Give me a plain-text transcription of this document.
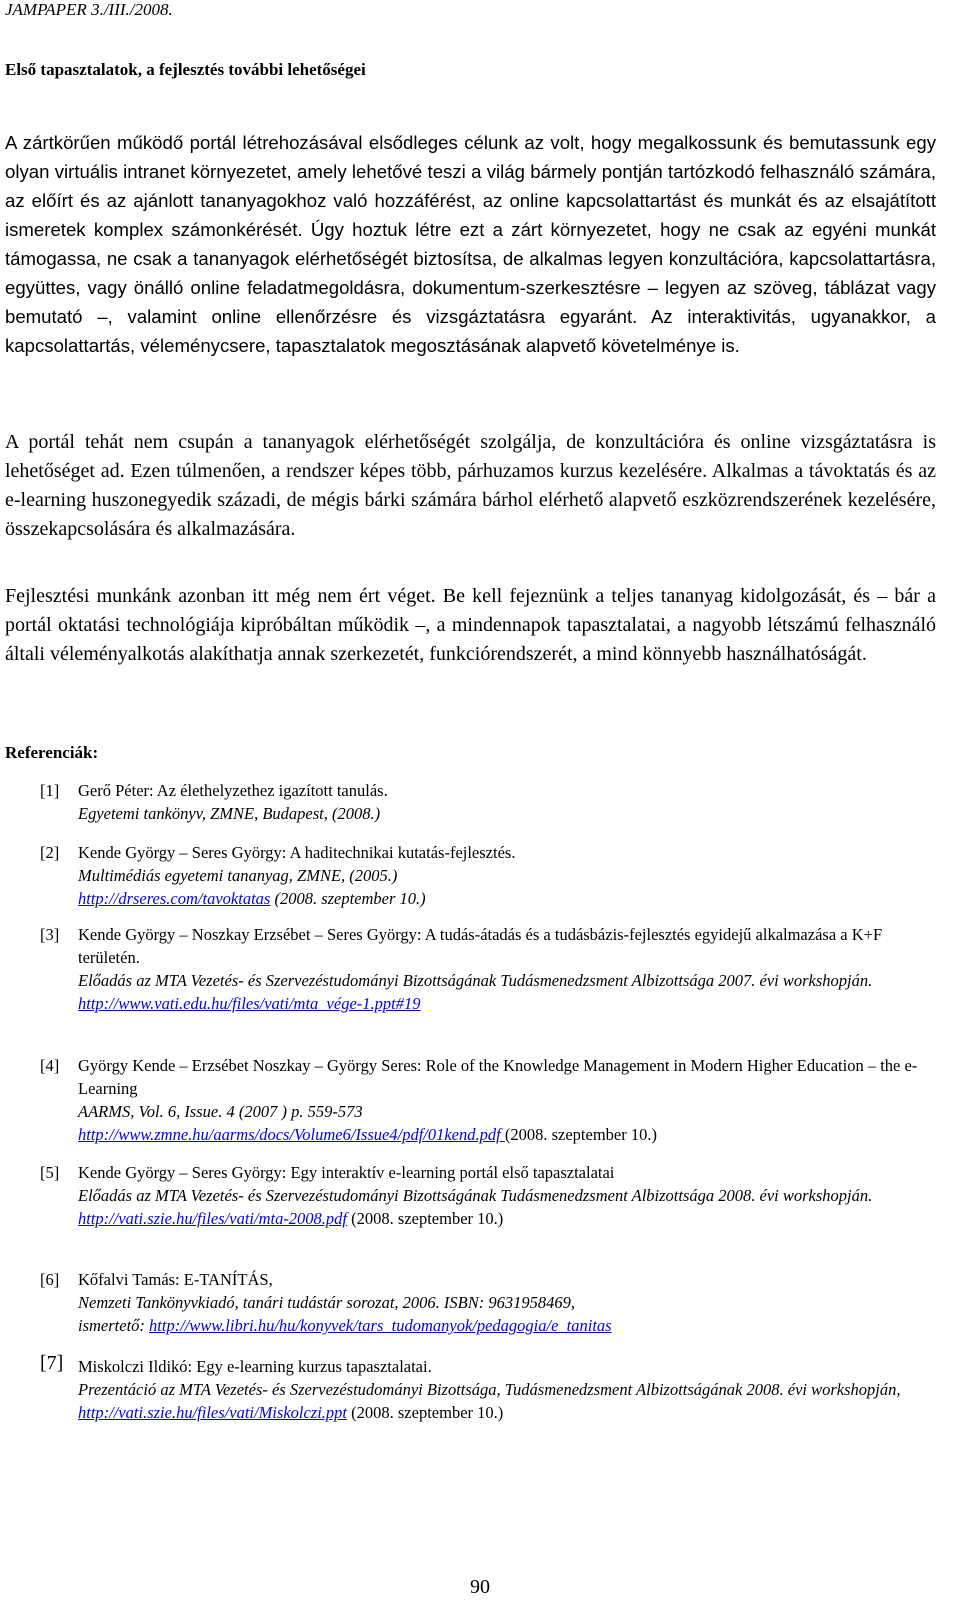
JAMPAPER 3./III./2008.
Első tapasztalatok, a fejlesztés további lehetőségei
A zártkörűen működő portál létrehozásával elsődleges célunk az volt, hogy megalkossunk és bemutassunk egy olyan virtuális intranet környezetet, amely lehetővé teszi a világ bármely pontján tartózkodó felhasználó számára, az előírt és az ajánlott tananyagokhoz való hozzáférést, az online kapcsolattartást és munkát és az elsajátított ismeretek komplex számonkérését. Úgy hoztuk létre ezt a zárt környezetet, hogy ne csak az egyéni munkát támogassa, ne csak a tananyagok elérhetőségét biztosítsa, de alkalmas legyen konzultációra, kapcsolattartásra, együttes, vagy önálló online feladatmegoldásra, dokumentum-szerkesztésre – legyen az szöveg, táblázat vagy bemutató –, valamint online ellenőrzésre és vizsgáztatásra egyaránt. Az interaktivitás, ugyanakkor, a kapcsolattartás, véleménycsere, tapasztalatok megosztásának alapvető követelménye is.
A portál tehát nem csupán a tananyagok elérhetőségét szolgálja, de konzultációra és online vizsgáztatásra is lehetőséget ad. Ezen túlmenően, a rendszer képes több, párhuzamos kurzus kezelésére. Alkalmas a távoktatás és az e-learning huszonegyedik századi, de mégis bárki számára bárhol elérhető alapvető eszközrendszerének kezelésére, összekapcsolására és alkalmazására.
Fejlesztési munkánk azonban itt még nem ért véget. Be kell fejeznünk a teljes tananyag kidolgozását, és – bár a portál oktatási technológiája kipróbáltan működik –, a mindennapok tapasztalatai, a nagyobb létszámú felhasználó általi véleményalkotás alakíthatja annak szerkezetét, funkciórendszerét, a mind könnyebb használhatóságát.
Referenciák:
[1] Gerő Péter: Az élethelyzethez igazított tanulás.
Egyetemi tankönyv, ZMNE, Budapest, (2008.)
[2] Kende György – Seres György: A haditechnikai kutatás-fejlesztés.
Multimédiás egyetemi tananyag, ZMNE, (2005.)
http://drseres.com/tavoktatas (2008. szeptember 10.)
[3] Kende György – Noszkay Erzsébet – Seres György: A tudás-átadás és a tudásbázis-fejlesztés egyidejű alkalmazása a K+F területén.
Előadás az MTA Vezetés- és Szervezéstudományi Bizottságának Tudásmenedzsment Albizottsága 2007. évi workshopján.
http://www.vati.edu.hu/files/vati/mta_vége-1.ppt#19
[4] György Kende – Erzsébet Noszkay – György Seres: Role of the Knowledge Management in Modern Higher Education – the e-Learning
AARMS, Vol. 6, Issue. 4 (2007 ) p. 559-573
http://www.zmne.hu/aarms/docs/Volume6/Issue4/pdf/01kend.pdf (2008. szeptember 10.)
[5] Kende György – Seres György: Egy interaktív e-learning portál első tapasztalatai
Előadás az MTA Vezetés- és Szervezéstudományi Bizottságának Tudásmenedzsment Albizottsága 2008. évi workshopján.
http://vati.szie.hu/files/vati/mta-2008.pdf (2008. szeptember 10.)
[6] Kőfalvi Tamás: E-TANÍTÁS,
Nemzeti Tankönyvkiadó, tanári tudástár sorozat, 2006. ISBN: 9631958469,
ismertető: http://www.libri.hu/hu/konyvek/tars_tudomanyok/pedagogia/e_tanitas
[7] Miskolczi Ildikó: Egy e-learning kurzus tapasztalatai.
Prezentáció az MTA Vezetés- és Szervezéstudományi Bizottsága, Tudásmenedzsment Albizottságának 2008. évi workshopján,
http://vati.szie.hu/files/vati/Miskolczi.ppt (2008. szeptember 10.)
90
